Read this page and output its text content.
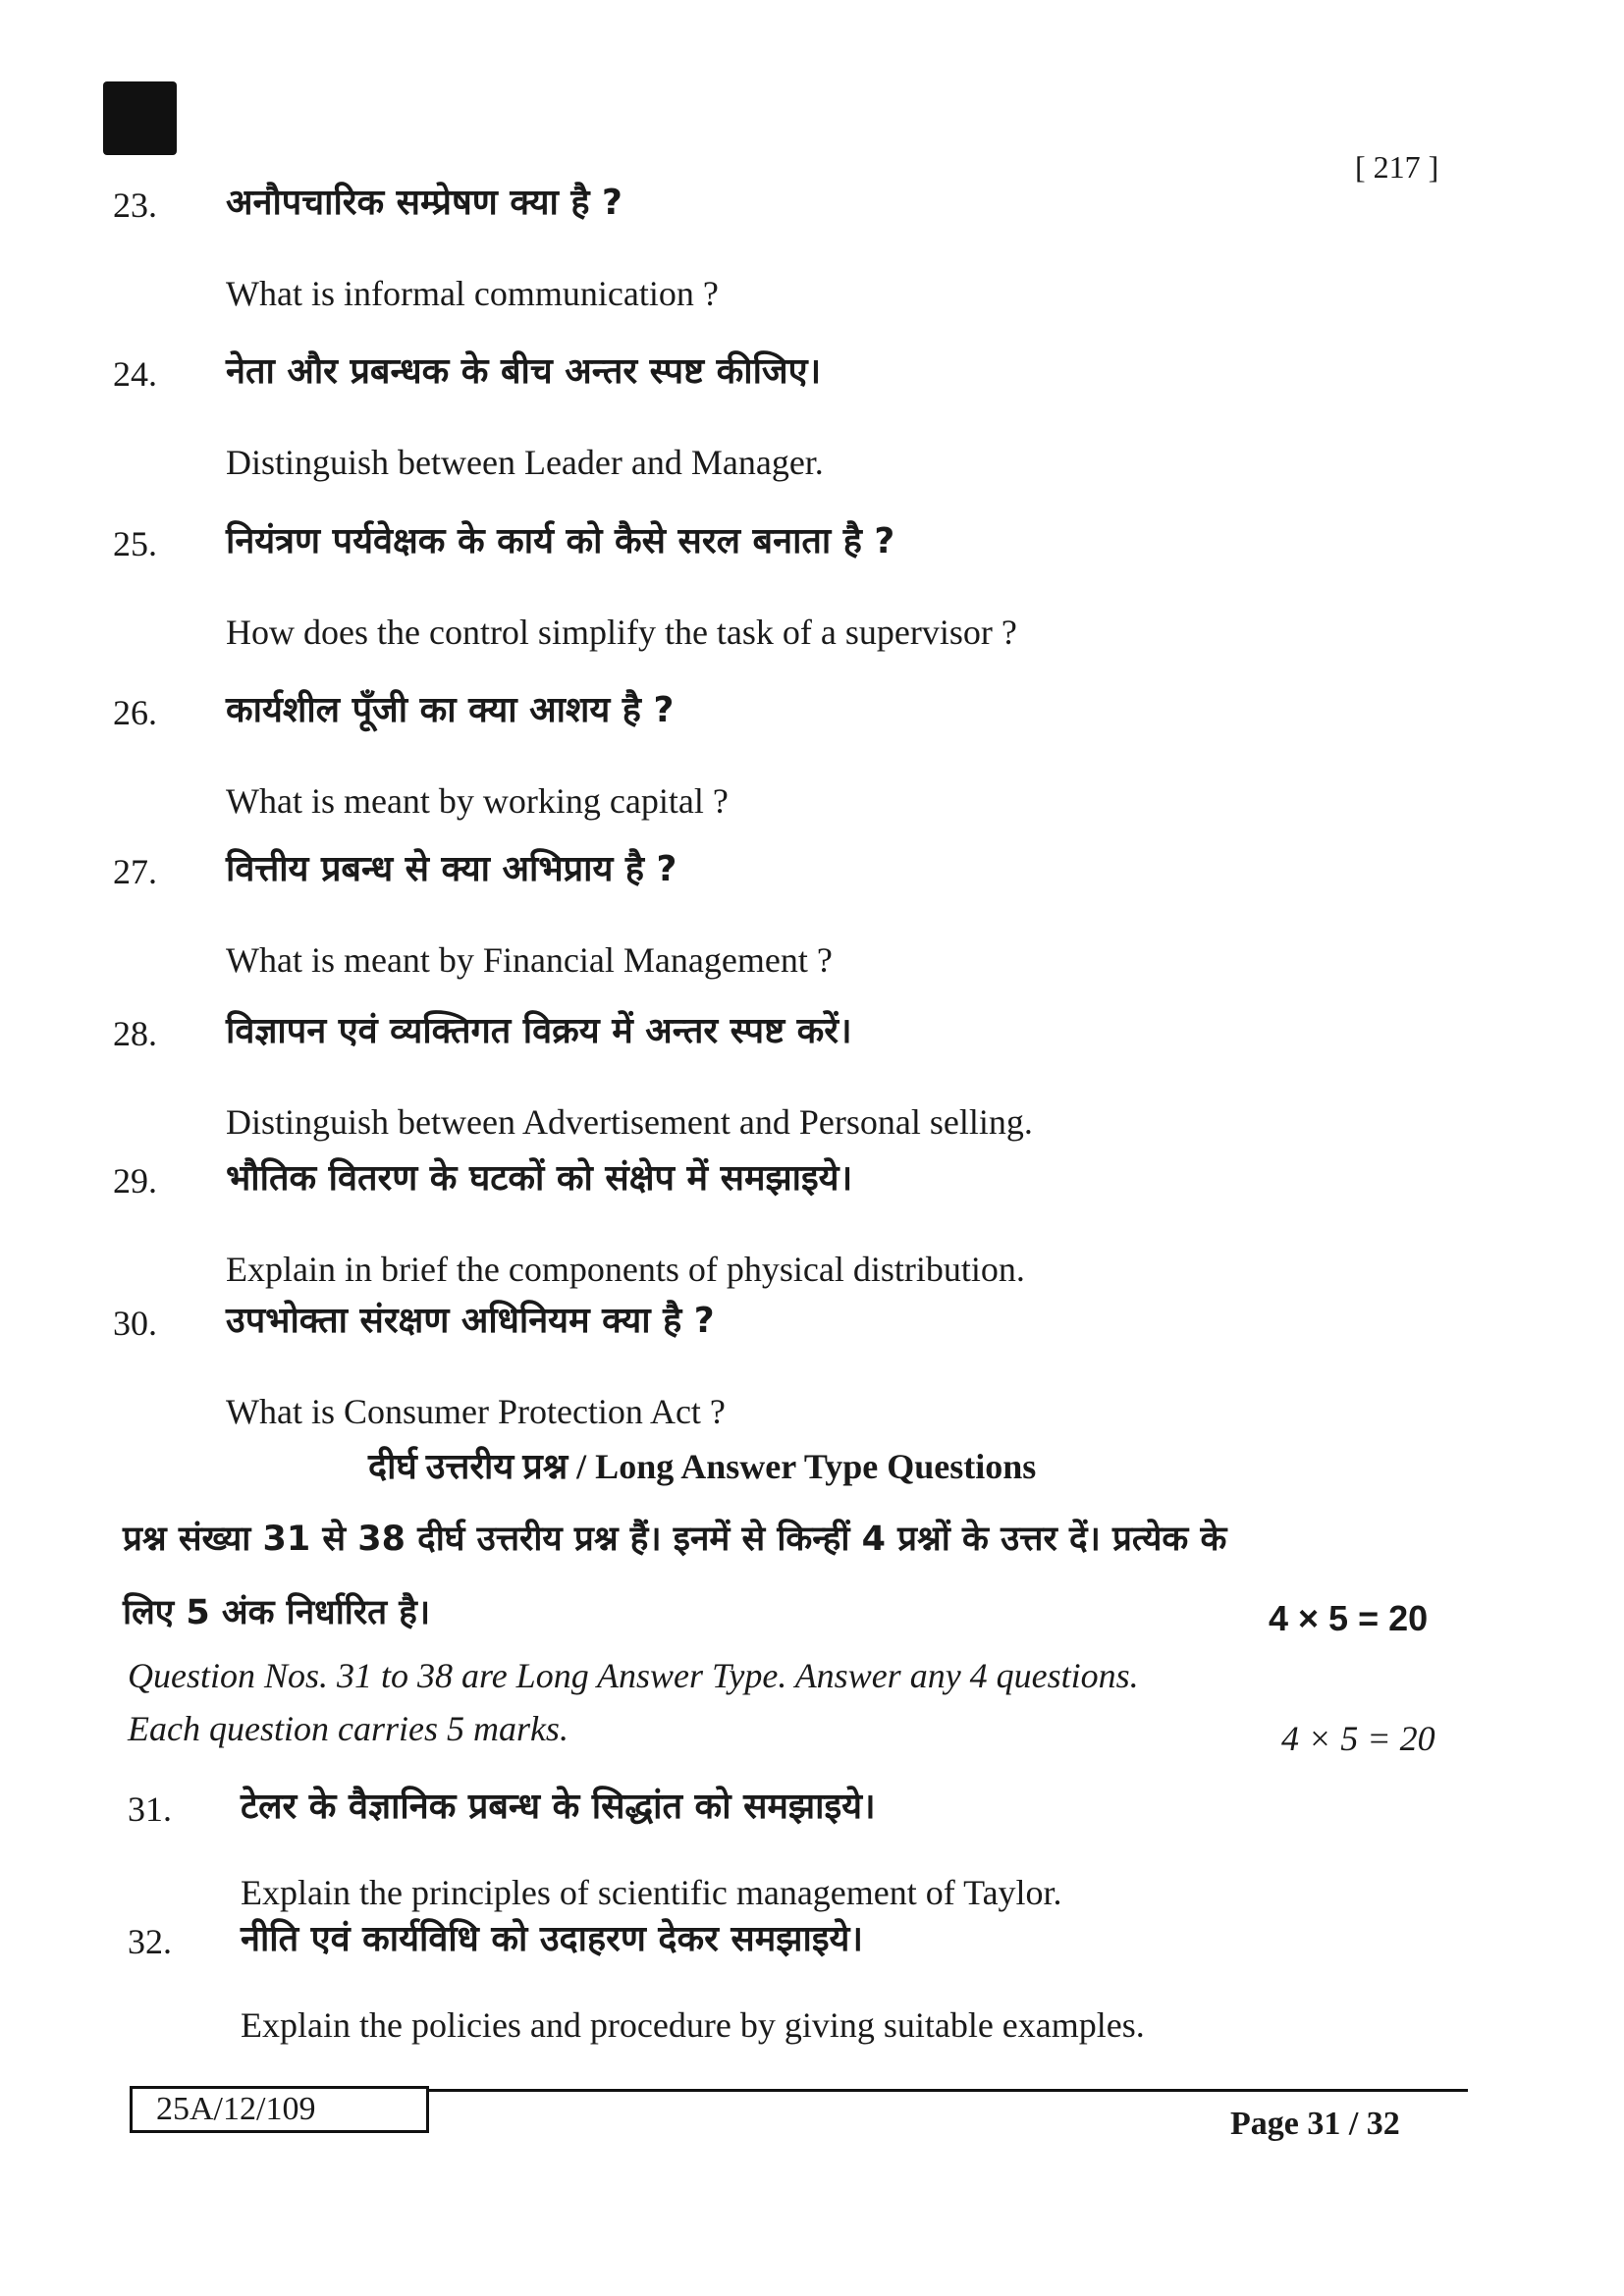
[ 217 ]
23. अनौपचारिक सम्प्रेषण क्या है ?
What is informal communication ?
24. नेता और प्रबन्धक के बीच अन्तर स्पष्ट कीजिए।
Distinguish between Leader and Manager.
25. नियंत्रण पर्यवेक्षक के कार्य को कैसे सरल बनाता है ?
How does the control simplify the task of a supervisor ?
26. कार्यशील पूँजी का क्या आशय है ?
What is meant by working capital ?
27. वित्तीय प्रबन्ध से क्या अभिप्राय है ?
What is meant by Financial Management ?
28. विज्ञापन एवं व्यक्तिगत विक्रय में अन्तर स्पष्ट करें।
Distinguish between Advertisement and Personal selling.
29. भौतिक वितरण के घटकों को संक्षेप में समझाइये।
Explain in brief the components of physical distribution.
30. उपभोक्ता संरक्षण अधिनियम क्या है ?
What is Consumer Protection Act ?
31. टेलर के वैज्ञानिक प्रबन्ध के सिद्धांत को समझाइये।
Explain the principles of scientific management of Taylor.
32. नीति एवं कार्यविधि को उदाहरण देकर समझाइये।
Explain the policies and procedure by giving suitable examples.
दीर्घ उत्तरीय प्रश्न / Long Answer Type Questions
प्रश्न संख्या 31 से 38 दीर्घ उत्तरीय प्रश्न हैं। इनमें से किन्हीं 4 प्रश्नों के उत्तर दें। प्रत्येक के
लिए 5 अंक निर्धारित है।	4 × 5 = 20
Question Nos. 31 to 38 are Long Answer Type. Answer any 4 questions.
Each question carries 5 marks.	4 × 5 = 20
25A/12/109	Page 31 / 32
